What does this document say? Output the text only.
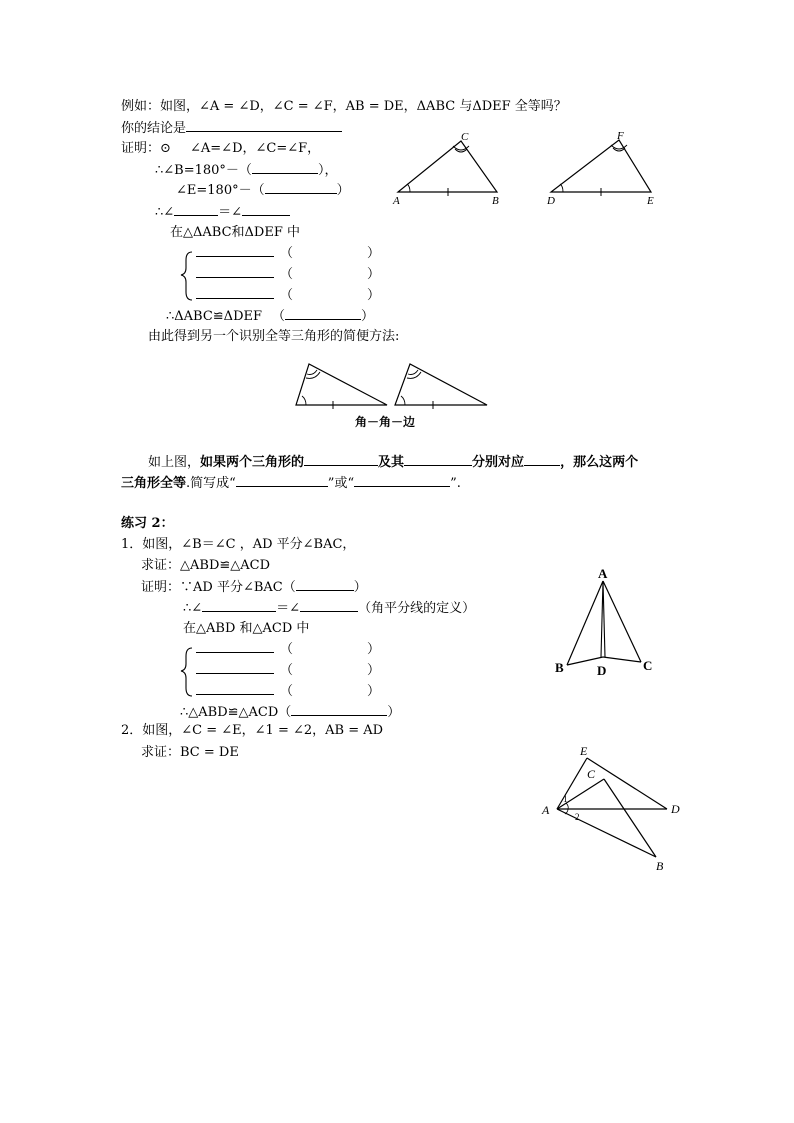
例如：如图，∠A = ∠D，∠C = ∠F，AB = DE，ΔABC 与ΔDEF 全等吗？
你的结论是
证明：⊙ ∠A=∠D，∠C=∠F，
∴∠B=180°－（	），
∠E=180°－（	）
∴∠	＝∠
在△ΔABC和ΔDEF 中
（	）
（	）
（	）
∴ΔABC≌ΔDEF （	）
由此得到另一个识别全等三角形的简便方法:
A	B
C
D	E
F
角－角－边
如上图，如果两个三角形的	及其	分别对应	，那么这两个
三角形全等.简写成“	”或“	”.
练习 2：
1．如图，∠B＝∠C ，AD 平分∠BAC，
求证：△ABD≌△ACD
证明：∵AD 平分∠BAC（	）
∴∠	＝∠	（角平分线的定义）
在△ABD 和△ACD 中
（	）
（	）
（	）
∴△ABD≌△ACD（	）
A
B	D	C
2．如图，∠C = ∠E，∠1 = ∠2，AB = AD
求证：BC = DE	E
C
A	D
B
1
2
